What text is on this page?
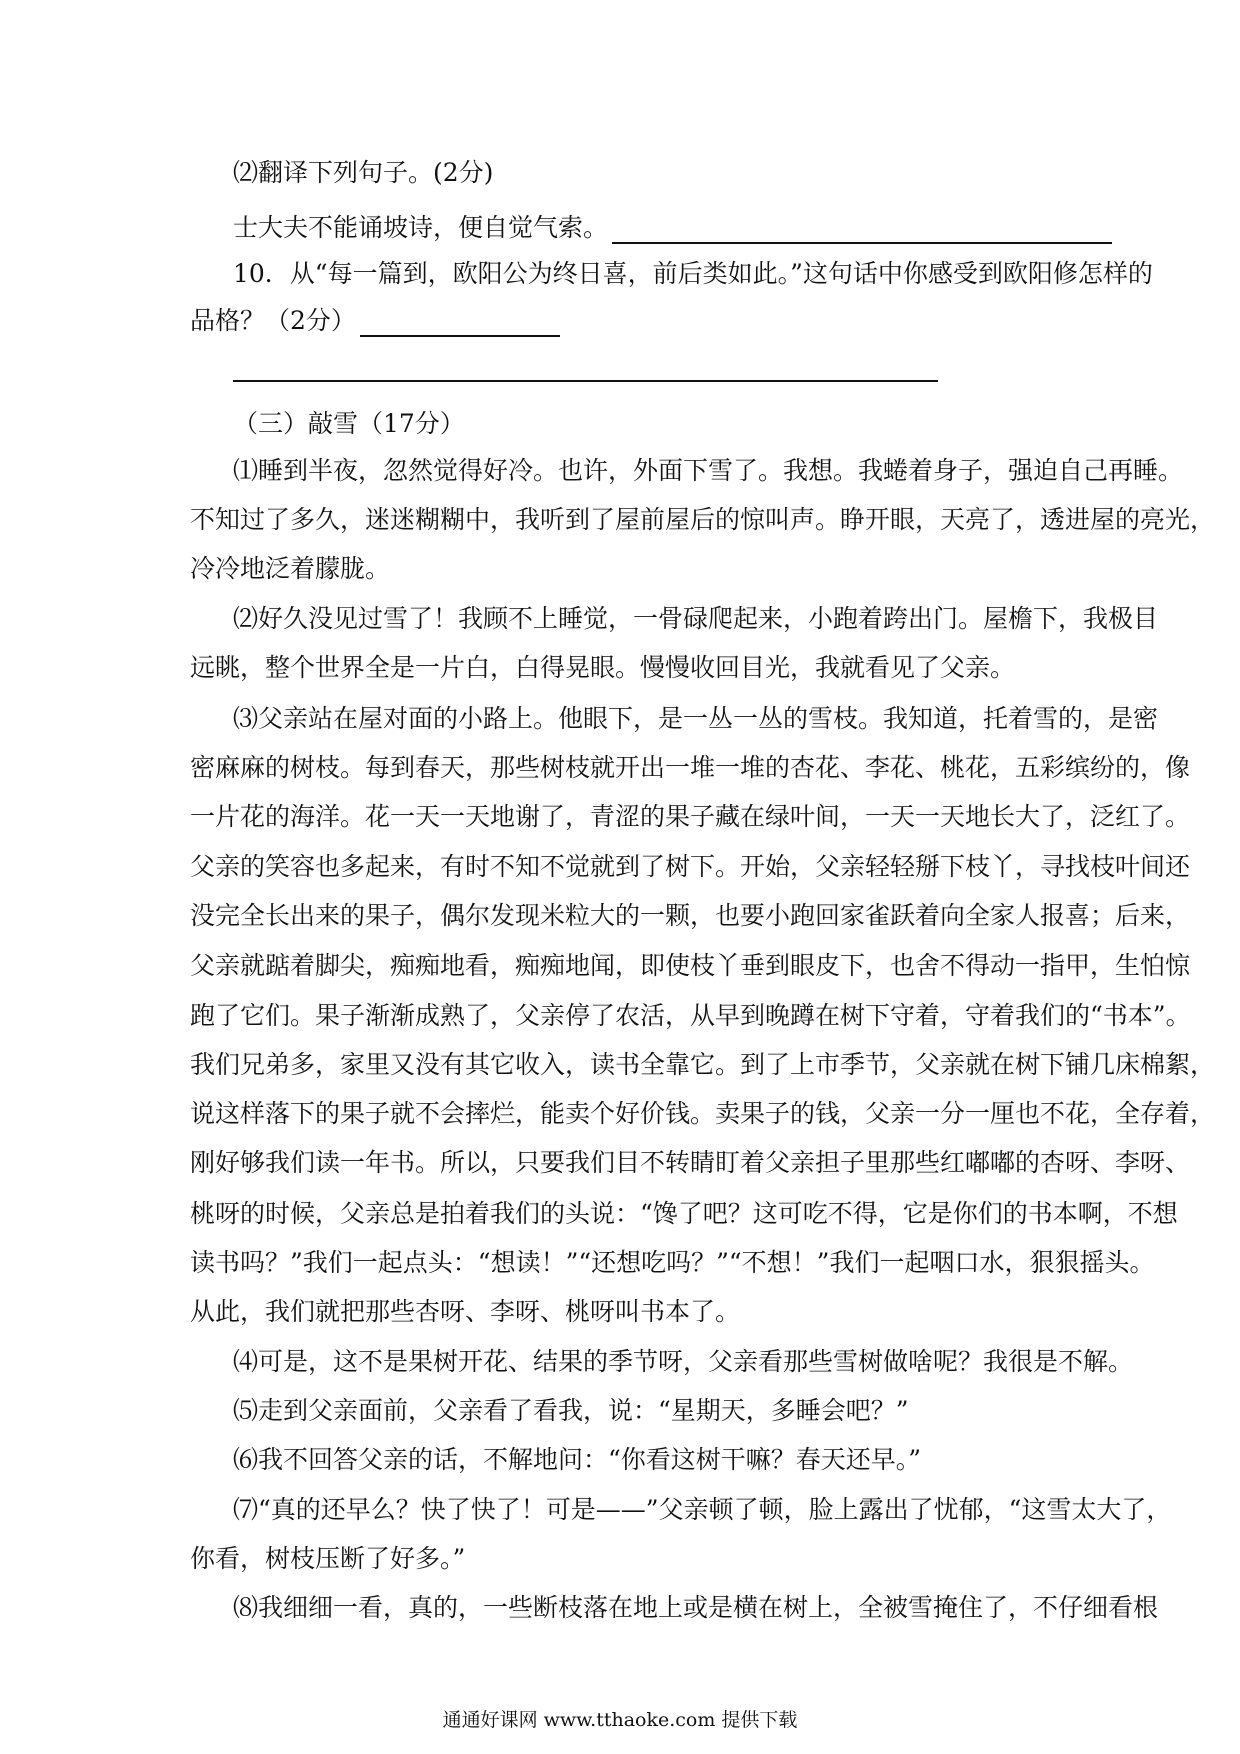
⑵翻译下列句子。(2分)
士大夫不能诵坡诗，便自觉气索。
10．从“每一篇到，欧阳公为终日喜，前后类如此。”这句话中你感受到欧阳修怎样的
品格？（2分）
（三）敲雪（17分）
⑴睡到半夜，忽然觉得好冷。也许，外面下雪了。我想。我蜷着身子，强迫自己再睡。
不知过了多久，迷迷糊糊中，我听到了屋前屋后的惊叫声。睁开眼，天亮了，透进屋的亮光，
冷冷地泛着朦胧。
⑵好久没见过雪了！我顾不上睡觉，一骨碌爬起来，小跑着跨出门。屋檐下，我极目
远眺，整个世界全是一片白，白得晃眼。慢慢收回目光，我就看见了父亲。
⑶父亲站在屋对面的小路上。他眼下，是一丛一丛的雪枝。我知道，托着雪的，是密
密麻麻的树枝。每到春天，那些树枝就开出一堆一堆的杏花、李花、桃花，五彩缤纷的，像
一片花的海洋。花一天一天地谢了，青涩的果子藏在绿叶间，一天一天地长大了，泛红了。
父亲的笑容也多起来，有时不知不觉就到了树下。开始，父亲轻轻掰下枝丫，寻找枝叶间还
没完全长出来的果子，偶尔发现米粒大的一颗，也要小跑回家雀跃着向全家人报喜；后来，
父亲就踮着脚尖，痴痴地看，痴痴地闻，即使枝丫垂到眼皮下，也舍不得动一指甲，生怕惊
跑了它们。果子渐渐成熟了，父亲停了农活，从早到晚蹲在树下守着，守着我们的“书本”。
我们兄弟多，家里又没有其它收入，读书全靠它。到了上市季节，父亲就在树下铺几床棉絮，
说这样落下的果子就不会摔烂，能卖个好价钱。卖果子的钱，父亲一分一厘也不花，全存着，
刚好够我们读一年书。所以，只要我们目不转睛盯着父亲担子里那些红嘟嘟的杏呀、李呀、
桃呀的时候，父亲总是拍着我们的头说：“馋了吧？这可吃不得，它是你们的书本啊，不想
读书吗？”我们一起点头：“想读！”“还想吃吗？”“不想！”我们一起咽口水，狠狠摇头。
从此，我们就把那些杏呀、李呀、桃呀叫书本了。
⑷可是，这不是果树开花、结果的季节呀，父亲看那些雪树做啥呢？我很是不解。
⑸走到父亲面前，父亲看了看我，说：“星期天，多睡会吧？”
⑹我不回答父亲的话，不解地问：“你看这树干嘛？春天还早。”
⑺“真的还早么？快了快了！可是——”父亲顿了顿，脸上露出了忧郁，“这雪太大了，
你看，树枝压断了好多。”
⑻我细细一看，真的，一些断枝落在地上或是横在树上，全被雪掩住了，不仔细看根
通通好课网 www.tthaoke.com 提供下载
